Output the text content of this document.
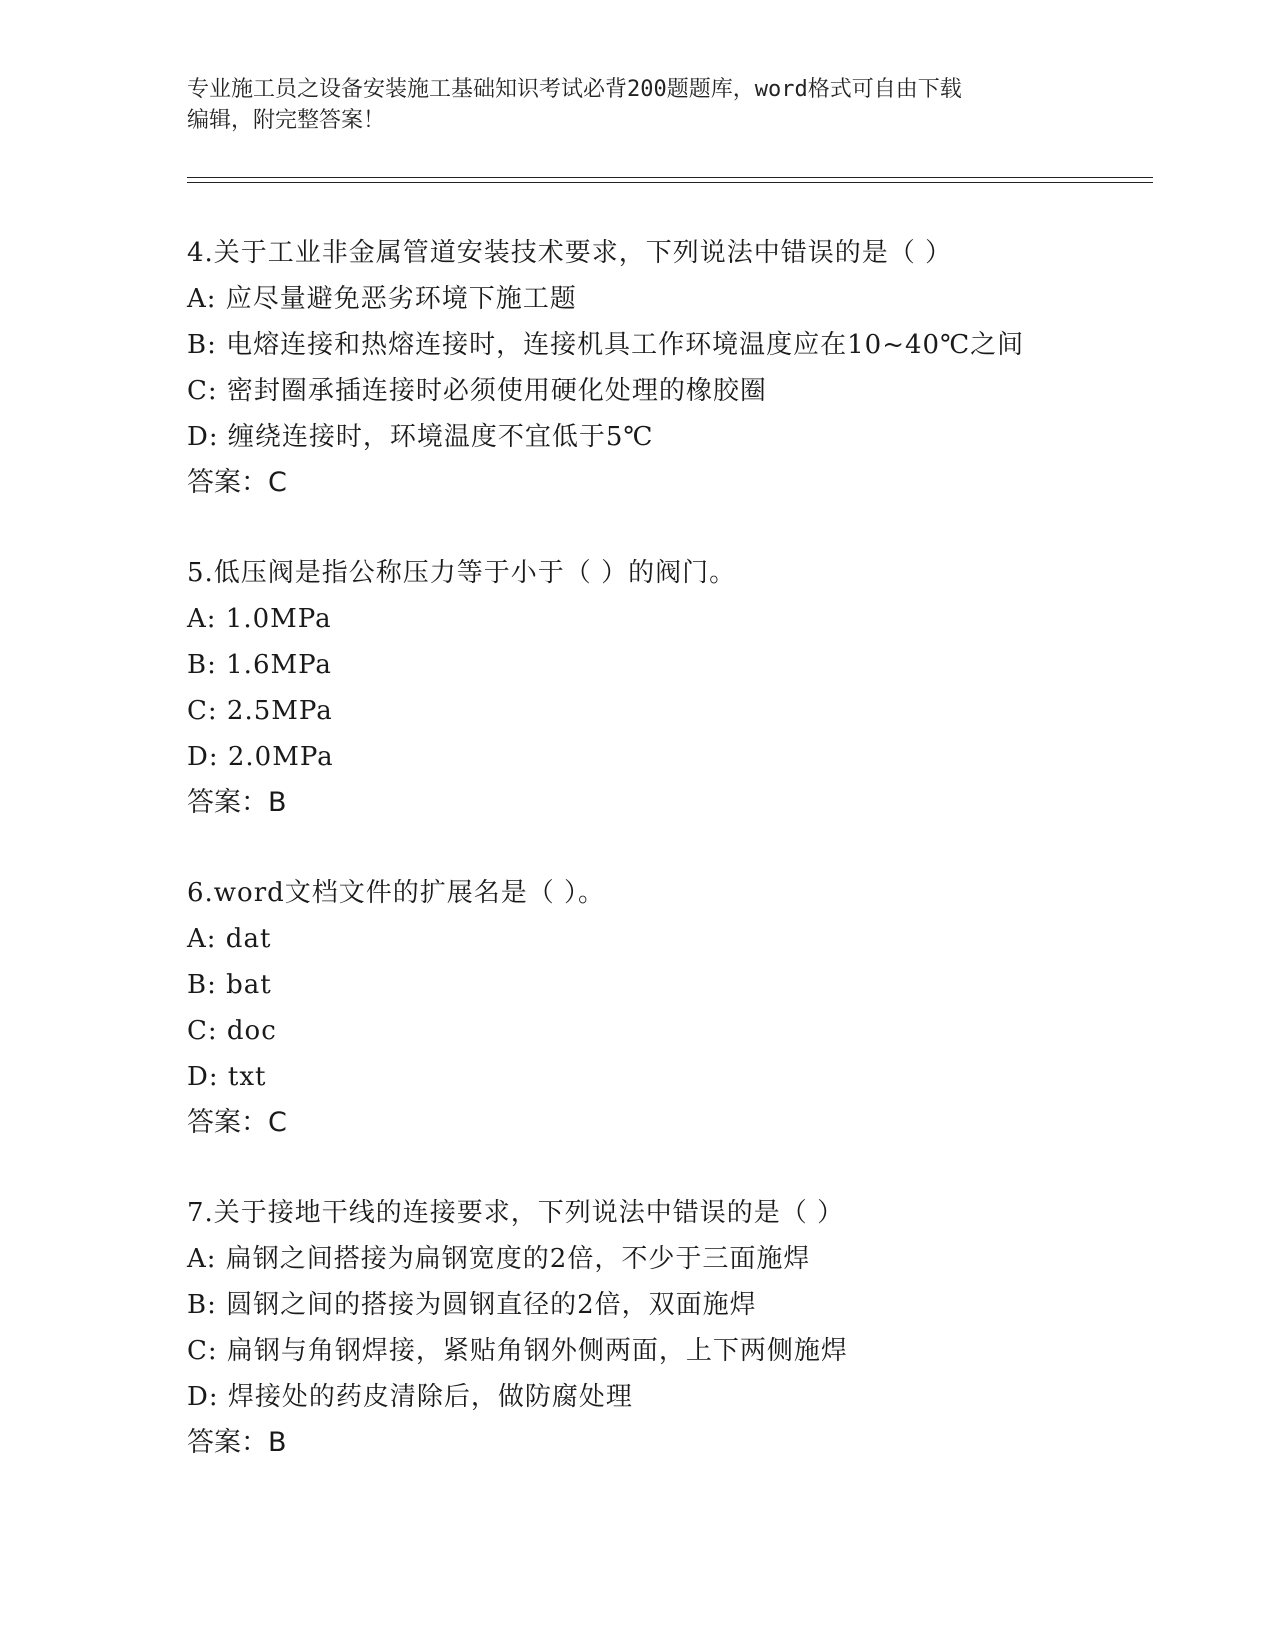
专业施工员之设备安装施工基础知识考试必背200题题库，word格式可自由下载
编辑，附完整答案！
4.关于工业非金属管道安装技术要求，下列说法中错误的是（ ）
A: 应尽量避免恶劣环境下施工题
B: 电熔连接和热熔连接时，连接机具工作环境温度应在10~40℃之间
C: 密封圈承插连接时必须使用硬化处理的橡胶圈
D: 缠绕连接时，环境温度不宜低于5℃
答案：C
5.低压阀是指公称压力等于小于（ ）的阀门。
A: 1.0MPa
B: 1.6MPa
C: 2.5MPa
D: 2.0MPa
答案：B
6.word文档文件的扩展名是（ ）。
A: dat
B: bat
C: doc
D: txt
答案：C
7.关于接地干线的连接要求，下列说法中错误的是（ ）
A: 扁钢之间搭接为扁钢宽度的2倍，不少于三面施焊
B: 圆钢之间的搭接为圆钢直径的2倍，双面施焊
C: 扁钢与角钢焊接，紧贴角钢外侧两面，上下两侧施焊
D: 焊接处的药皮清除后，做防腐处理
答案：B
